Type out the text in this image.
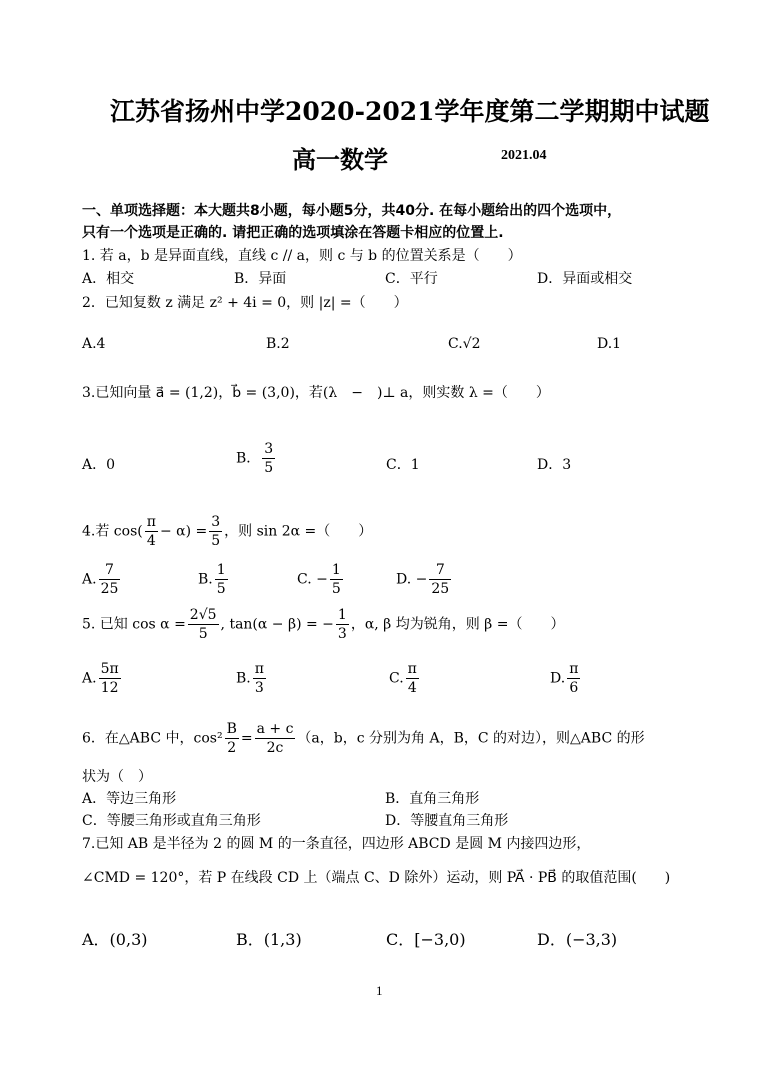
江苏省扬州中学2020-2021学年度第二学期期中试题
高一数学	2021.04
一、单项选择题：本大题共8小题，每小题5分，共40分. 在每小题给出的四个选项中，
只有一个选项是正确的. 请把正确的选项填涂在答题卡相应的位置上.
1. 若 a，b 是异面直线，直线 c // a，则 c 与 b 的位置关系是（　　）
A．相交	B．异面	C．平行	D．异面或相交
2．已知复数 z 满足 z² + 4i = 0，则 |z| =（　　）
A.4	B.2	C.√2	D.1
3.已知向量 a⃗ = (1,2)，b⃗ = (3,0)，若(λ　−　)⊥ a，则实数 λ =（　　）
A．0	B． $\frac{3}{5}$	C．1	D．3
4.若 $\cos( \frac{\pi}{4} - \alpha) = \frac{3}{5}$ ，则 sin 2α =（　　）
A. $\frac{7}{25}$	B. $\frac{1}{5}$	C. − $\frac{1}{5}$	D. − $\frac{7}{25}$
5. 已知 $\cos \alpha = \frac{2√5}{5}$ , tan(α − β) = − $\frac{1}{3}$ ，α, β 均为锐角，则 β =（　　）
A. $\frac{5\pi}{12}$	B. $\frac{\pi}{3}$	C. $\frac{\pi}{4}$	D. $\frac{\pi}{6}$
6．在△ABC 中，$\cos^2 \frac{B}{2} = \frac{a + c}{2c} (a$，b，c 分别为角 A，B，C 的对边），则△ABC 的形
状为（　）
A．等边三角形	B．直角三角形
C．等腰三角形或直角三角形	D．等腰直角三角形
7.已知 AB 是半径为 2 的圆 M 的一条直径，四边形 ABCD 是圆 M 内接四边形，
∠CMD = 120°，若 P 在线段 CD 上（端点 C、D 除外）运动，则 PA⃗ · PB⃗ 的取值范围(　　)
A．(0,3)	B．(1,3)	C．[−3,0)	D．(−3,3)
1
